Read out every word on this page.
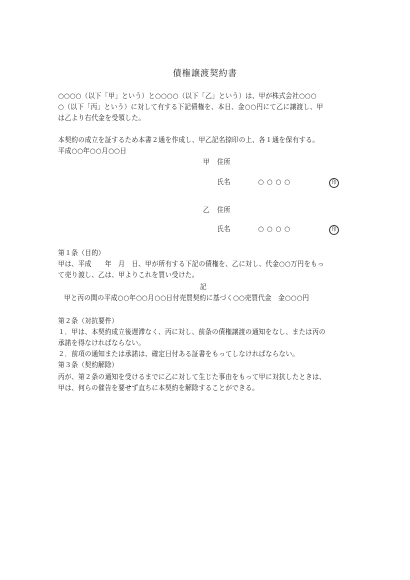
債権譲渡契約書
○○○○（以下「甲」という）と○○○○（以下「乙」という）は、甲が株式会社○○○
○（以下「丙」という）に対して有する下記債権を、本日、金○○円にて乙に譲渡し、甲
は乙より右代金を受領した。
本契約の成立を証するため本書２通を作成し、甲乙記名捺印の上、各１通を保有する。
平成○○年○○月○○日
甲 住所
氏名	○○○○	印
乙 住所
氏名	○○○○	印
第１条（目的）
甲は、平成　　年　月　日、甲が所有する下記の債権を、乙に対し、代金○○万円をもっ
て売り渡し、乙は、甲よりこれを買い受けた。
記
甲と丙の間の平成○○年○○月○○日付売買契約に基づく○○売買代金　金○○○円
第２条（対抗要件）
１．甲は、本契約成立後遅滞なく、丙に対し、前条の債権譲渡の通知をなし、または丙の
承諾を得なければならない。
２．前項の通知または承諾は、確定日付ある証書をもってしなければならない。
第３条（契約解除）
丙が、第２条の通知を受けるまでに乙に対して生じた事由をもって甲に対抗したときは、
甲は、何らの催告を要せず直ちに本契約を解除することができる。
